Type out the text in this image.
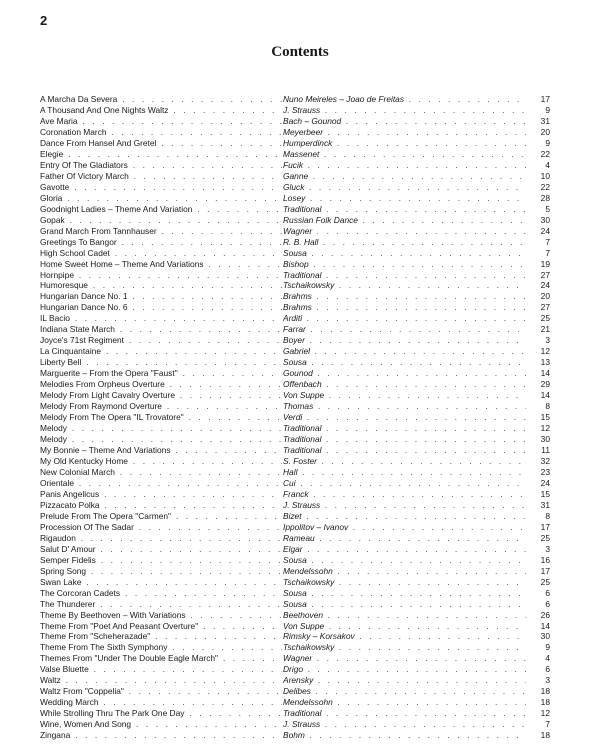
2
Contents
A Marcha Da Severa . . .	Nuno Meireles – Joao de Freitas . . .	17
A Thousand And One Nights Waltz . . .	J. Strauss . . .	9
Ave Maria . . .	Bach – Gounod . . .	31
Coronation March . . .	Meyerbeer . . .	20
Dance From Hansel And Gretel . . .	Humperdinck . . .	9
Elegie . . .	Massenet . . .	22
Entry Of The Gladiators . . .	Fucik . . .	4
Father Of Victory March . . .	Ganne . . .	10
Gavotte . . .	Gluck . . .	22
Gloria . . .	Losey . . .	28
Goodnight Ladies – Theme And Variation . . .	Traditional . . .	5
Gopak . . .	Russian Folk Dance . . .	30
Grand March From Tannhauser . . .	Wagner . . .	24
Greetings To Bangor . . .	R. B. Hall . . .	7
High School Cadet . . .	Sousa . . .	7
Home Sweet Home – Theme And Variations . . .	Bishop . . .	19
Hornpipe . . .	Traditional . . .	27
Humoresque . . .	Tschaikowsky . . .	24
Hungarian Dance No. 1 . . .	Brahms . . .	20
Hungarian Dance No. 6 . . .	Brahms . . .	27
IL Bacio . . .	Arditi . . .	25
Indiana State March . . .	Farrar . . .	21
Joyce's 71st Regiment . . .	Boyer . . .	3
La Cinquantaine . . .	Gabriel . . .	12
Liberty Bell . . .	Sousa . . .	13
Marguerite – From the Opera "Faust" . . .	Gounod . . .	14
Melodies From Orpheus Overture . . .	Offenbach . . .	29
Melody From Light Cavalry Overture . . .	Von Suppe . . .	14
Melody From Raymond Overture . . .	Thomas . . .	8
Melody From The Opera "IL Trovatore" . . .	Verdi . . .	15
Melody . . .	Traditional . . .	12
Melody . . .	Traditional . . .	30
My Bonnie – Theme And Variations . . .	Traditional . . .	11
My Old Kentucky Home . . .	S. Foster . . .	32
New Colonial March . . .	Hall . . .	23
Orientale . . .	Cui . . .	24
Panis Angelicus . . .	Franck . . .	15
Pizzacato Polka . . .	J. Strauss . . .	31
Prelude From The Opera "Carmen" . . .	Bizet . . .	8
Procession Of The Sadar . . .	Ippolitov – Ivanov . . .	17
Rigaudon . . .	Rameau . . .	25
Salut D' Amour . . .	Elgar . . .	3
Semper Fidelis . . .	Sousa . . .	16
Spring Song . . .	Mendelssohn . . .	17
Swan Lake . . .	Tschaikowsky . . .	25
The Corcoran Cadets . . .	Sousa . . .	6
The Thunderer . . .	Sousa . . .	6
Theme By Beethoven – With Variations . . .	Beethoven . . .	26
Theme From "Poet And Peasant Overture" . . .	Von Suppe . . .	14
Theme From "Scheherazade" . . .	Rimsky – Korsakov . . .	30
Theme From The Sixth Symphony . . .	Tschaikowsky . . .	9
Themes From "Under The Double Eagle March" . . .	Wagner . . .	4
Valse Bluette . . .	Drigo . . .	6
Waltz . . .	Arensky . . .	3
Waltz From "Coppelia" . . .	Delibes . . .	18
Wedding March . . .	Mendelssohn . . .	18
While Strolling Thru The Park One Day . . .	Traditional . . .	12
Wine, Women And Song . . .	J. Strauss . . .	7
Zingana . . .	Bohm . . .	18
